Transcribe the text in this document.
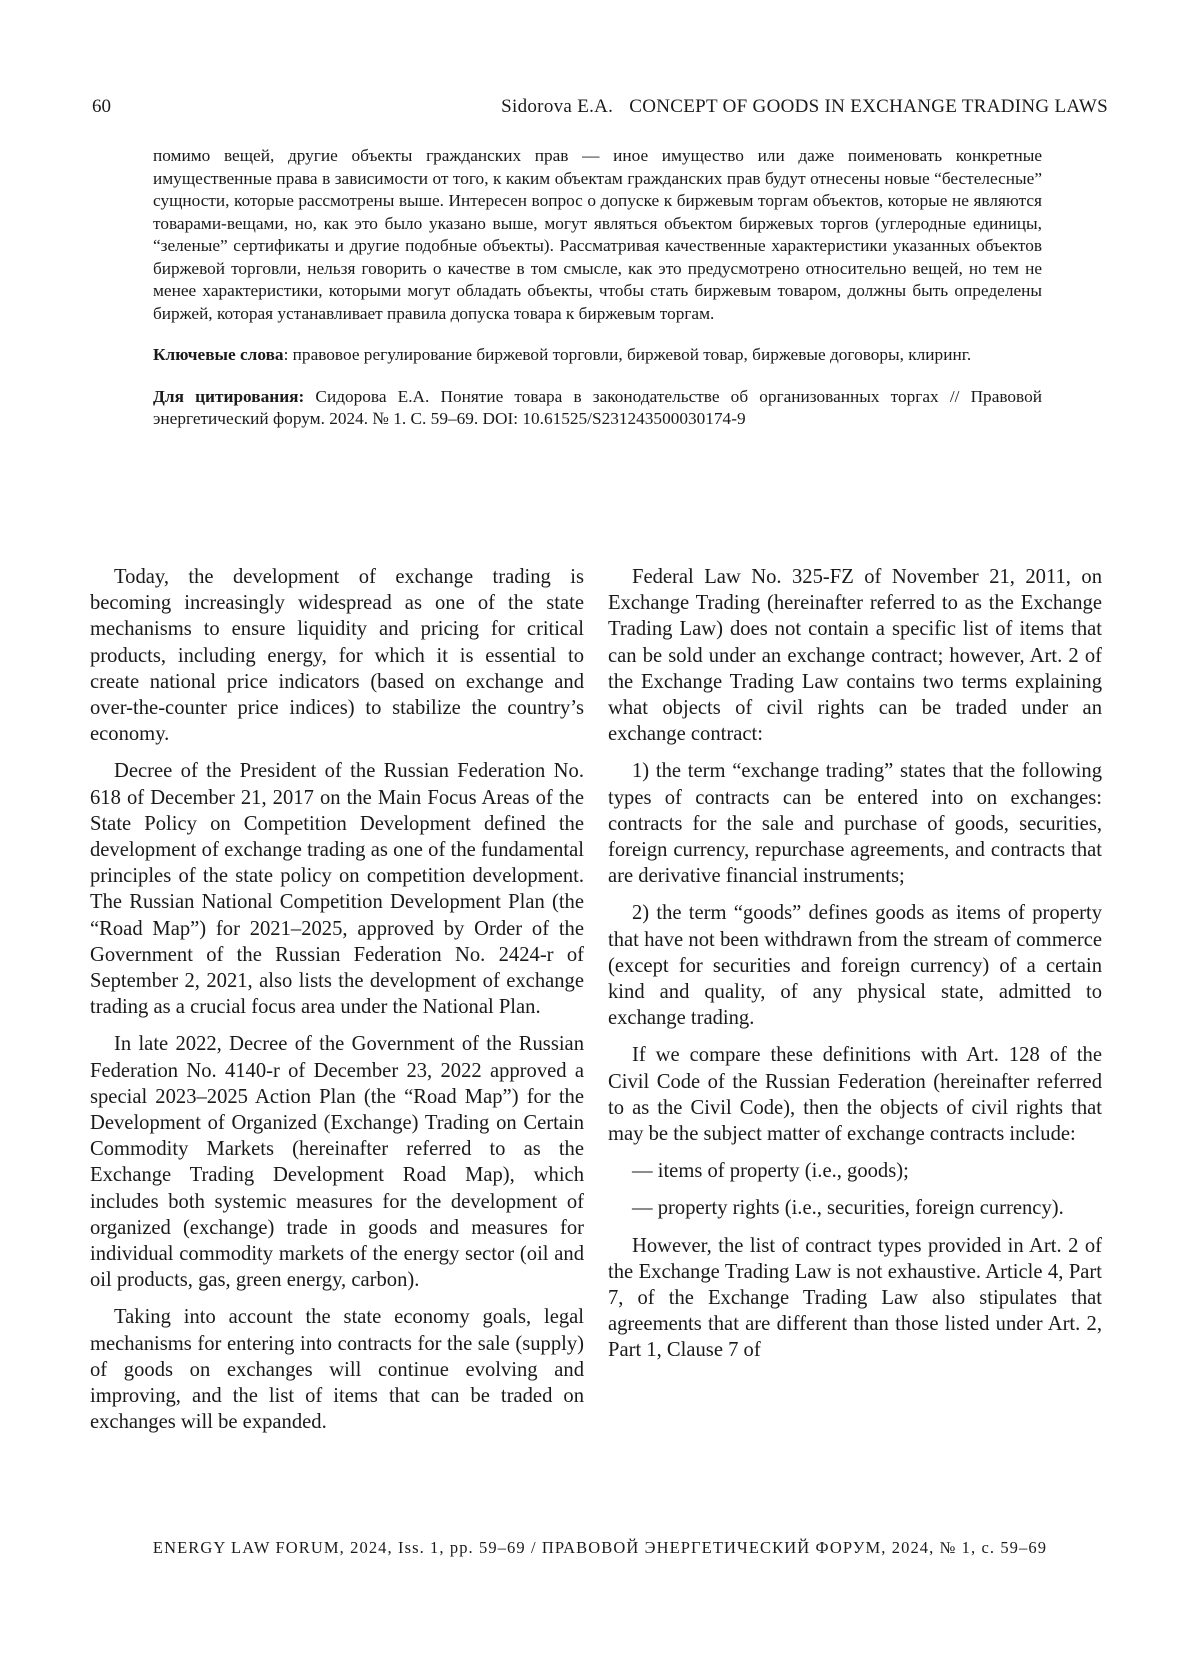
60	Sidorova E.A. CONCEPT OF GOODS IN EXCHANGE TRADING LAWS

помимо вещей, другие объекты гражданских прав — иное имущество или даже поименовать конкретные имущественные права в зависимости от того, к каким объектам гражданских прав будут отнесены новые “бестелесные” сущности, которые рассмотрены выше. Интересен вопрос о допуске к биржевым торгам объектов, которые не являются товарами-вещами, но, как это было указано выше, могут являться объектом биржевых торгов (углеродные единицы, “зеленые” сертификаты и другие подобные объекты). Рассматривая качественные характеристики указанных объектов биржевой торговли, нельзя говорить о качестве в том смысле, как это предусмотрено относительно вещей, но тем не менее характеристики, которыми могут обладать объекты, чтобы стать биржевым товаром, должны быть определены биржей, которая устанавливает правила допуска товара к биржевым торгам.

Ключевые слова: правовое регулирование биржевой торговли, биржевой товар, биржевые договоры, клиринг.

Для цитирования: Сидорова Е.А. Понятие товара в законодательстве об организованных торгах // Правовой энергетический форум. 2024. № 1. С. 59–69. DOI: 10.61525/S231243500030174-9

Today, the development of exchange trading is becoming increasingly widespread as one of the state mechanisms to ensure liquidity and pricing for critical products, including energy, for which it is essential to create national price indicators (based on exchange and over-the-counter price indices) to stabilize the country’s economy.

Decree of the President of the Russian Federation No. 618 of December 21, 2017 on the Main Focus Areas of the State Policy on Competition Development defined the development of exchange trading as one of the fundamental principles of the state policy on competition development. The Russian National Competition Development Plan (the “Road Map”) for 2021–2025, approved by Order of the Government of the Russian Federation No. 2424-r of September 2, 2021, also lists the development of exchange trading as a crucial focus area under the National Plan.

In late 2022, Decree of the Government of the Russian Federation No. 4140-r of December 23, 2022 approved a special 2023–2025 Action Plan (the “Road Map”) for the Development of Organized (Exchange) Trading on Certain Commodity Markets (hereinafter referred to as the Exchange Trading Development Road Map), which includes both systemic measures for the development of organized (exchange) trade in goods and measures for individual commodity markets of the energy sector (oil and oil products, gas, green energy, carbon).

Taking into account the state economy goals, legal mechanisms for entering into contracts for the sale (supply) of goods on exchanges will continue evolving and improving, and the list of items that can be traded on exchanges will be expanded.

Federal Law No. 325-FZ of November 21, 2011, on Exchange Trading (hereinafter referred to as the Exchange Trading Law) does not contain a specific list of items that can be sold under an exchange contract; however, Art. 2 of the Exchange Trading Law contains two terms explaining what objects of civil rights can be traded under an exchange contract:

1) the term “exchange trading” states that the following types of contracts can be entered into on exchanges: contracts for the sale and purchase of goods, securities, foreign currency, repurchase agreements, and contracts that are derivative financial instruments;

2) the term “goods” defines goods as items of property that have not been withdrawn from the stream of commerce (except for securities and foreign currency) of a certain kind and quality, of any physical state, admitted to exchange trading.

If we compare these definitions with Art. 128 of the Civil Code of the Russian Federation (hereinafter referred to as the Civil Code), then the objects of civil rights that may be the subject matter of exchange contracts include:

— items of property (i.e., goods);

— property rights (i.e., securities, foreign currency).

However, the list of contract types provided in Art. 2 of the Exchange Trading Law is not exhaustive. Article 4, Part 7, of the Exchange Trading Law also stipulates that agreements that are different than those listed under Art. 2, Part 1, Clause 7 of

ENERGY LAW FORUM, 2024, Iss. 1, pp. 59–69 / ПРАВОВОЙ ЭНЕРГЕТИЧЕСКИЙ ФОРУМ, 2024, № 1, с. 59–69
